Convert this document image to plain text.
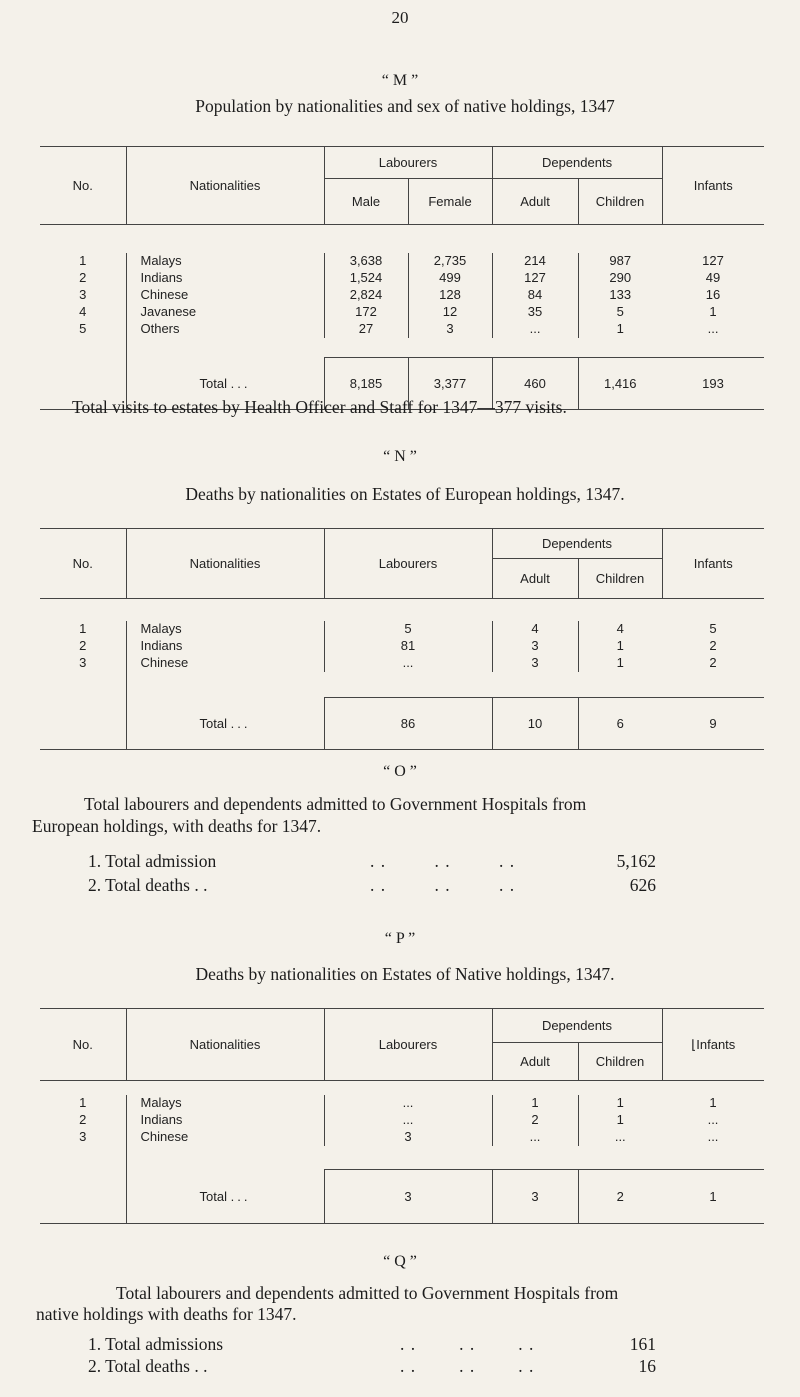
20
“ M ”
Population by nationalities and sex of native holdings, 1347
No.	Nationalities	Labourers		Dependents		Infants
		Male	Female	Adult	Children	

1	Malays	3,638	2,735	214	987	127
2	Indians	1,524	499	127	290	49
3	Chinese	2,824	128	84	133	16
4	Javanese	172	12	35	5	1
5	Others	27	3	...	1	...

	Total ...	8,185	3,377	460	1,416	193
Total visits to estates by Health Officer and Staff for 1347—377 visits.
“ N ”
Deaths by nationalities on Estates of European holdings, 1347.
No.	Nationalities	Labourers	Dependents		Infants
			Adult	Children	

1	Malays	5	4	4	5
2	Indians	81	3	1	2
3	Chinese	...	3	1	2

	Total ...	86	10	6	9
“ O ”
Total labourers and dependents admitted to Government Hospitals from
European holdings, with deaths for 1347.
1. Total admission	. .         . .         . .	5,162
2. Total deaths . .	. .         . .         . .	626
“ P ”
Deaths by nationalities on Estates of Native holdings, 1347.
No.	Nationalities	Labourers	Dependents		⌊Infants
			Adult	Children	

1	Malays	...	1	1	1
2	Indians	...	2	1	...
3	Chinese	3	...	...	...

	Total ...	3	3	2	1
“ Q ”
Total labourers and dependents admitted to Government Hospitals from
native holdings with deaths for 1347.
1. Total admissions	. .        . .        . .	161
2. Total deaths . .	. .        . .        . .	16
